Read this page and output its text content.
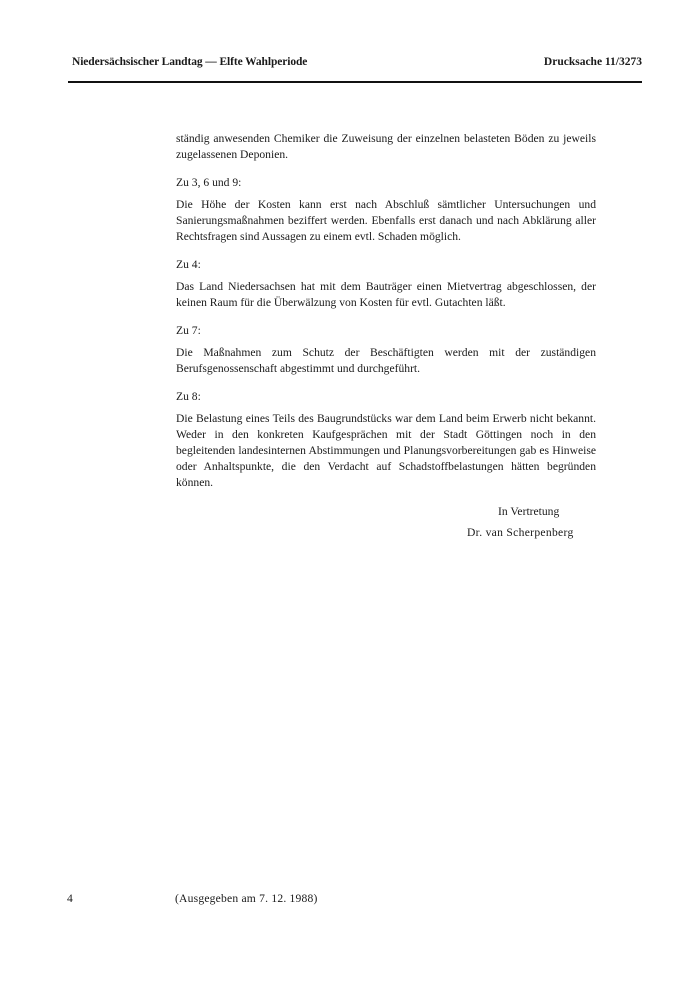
Niedersächsischer Landtag — Elfte Wahlperiode	Drucksache 11/3273

ständig anwesenden Chemiker die Zuweisung der einzelnen belasteten Böden zu jeweils zugelassenen Deponien.

Zu 3, 6 und 9:

Die Höhe der Kosten kann erst nach Abschluß sämtlicher Untersuchungen und Sanierungsmaßnahmen beziffert werden. Ebenfalls erst danach und nach Abklärung aller Rechtsfragen sind Aussagen zu einem evtl. Schaden möglich.

Zu 4:

Das Land Niedersachsen hat mit dem Bauträger einen Mietvertrag abgeschlossen, der keinen Raum für die Überwälzung von Kosten für evtl. Gutachten läßt.

Zu 7:

Die Maßnahmen zum Schutz der Beschäftigten werden mit der zuständigen Berufsgenossenschaft abgestimmt und durchgeführt.

Zu 8:

Die Belastung eines Teils des Baugrundstücks war dem Land beim Erwerb nicht bekannt. Weder in den konkreten Kaufgesprächen mit der Stadt Göttingen noch in den begleitenden landesinternen Abstimmungen und Planungsvorbereitungen gab es Hinweise oder Anhaltspunkte, die den Verdacht auf Schadstoffbelastungen hätten begründen können.

In Vertretung
Dr. van Scherpenberg
4	(Ausgegeben am 7. 12. 1988)
